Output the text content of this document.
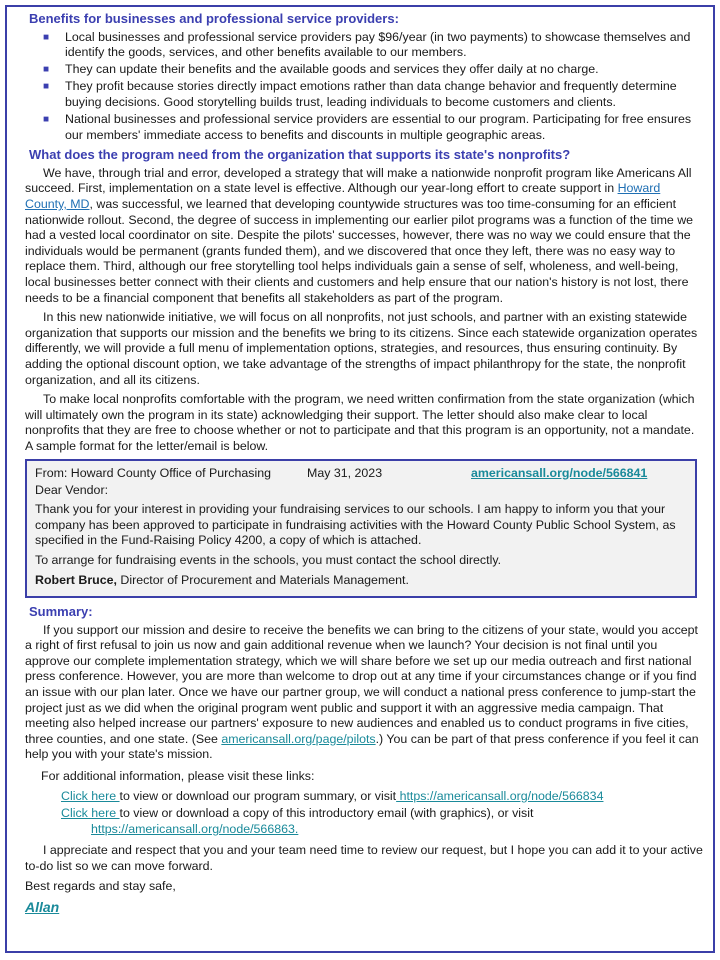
Benefits for businesses and professional service providers:
■ Local businesses and professional service providers pay $96/year (in two payments) to showcase themselves and identify the goods, services, and other benefits available to our members.
■ They can update their benefits and the available goods and services they offer daily at no charge.
■ They profit because stories directly impact emotions rather than data change behavior and frequently determine buying decisions. Good storytelling builds trust, leading individuals to become customers and clients.
■ National businesses and professional service providers are essential to our program. Participating for free ensures our members' immediate access to benefits and discounts in multiple geographic areas.
What does the program need from the organization that supports its state's nonprofits?

We have, through trial and error, developed a strategy that will make a nationwide nonprofit program like Americans All succeed. First, implementation on a state level is effective. Although our year-long effort to create support in Howard County, MD, was successful, we learned that developing countywide structures was too time-consuming for an efficient nationwide rollout. Second, the degree of success in implementing our earlier pilot programs was a function of the time we had a vested local coordinator on site. Despite the pilots' successes, however, there was no way we could ensure that the individuals would be permanent (grants funded them), and we discovered that once they left, there was no easy way to replace them. Third, although our free storytelling tool helps individuals gain a sense of self, wholeness, and well-being, local businesses better connect with their clients and customers and help ensure that our nation's history is not lost, there needs to be a financial component that benefits all stakeholders as part of the program.

In this new nationwide initiative, we will focus on all nonprofits, not just schools, and partner with an existing statewide organization that supports our mission and the benefits we bring to its citizens. Since each statewide organization operates differently, we will provide a full menu of implementation options, strategies, and resources, thus ensuring continuity. By adding the optional discount option, we take advantage of the strengths of impact philanthropy for the state, the nonprofit organization, and all its citizens.

To make local nonprofits comfortable with the program, we need written confirmation from the state organization (which will ultimately own the program in its state) acknowledging their support. The letter should also make clear to local nonprofits that they are free to choose whether or not to participate and that this program is an opportunity, not a mandate. A sample format for the letter/email is below.

From: Howard County Office of Purchasing	May 31, 2023	americansall.org/node/566841

Dear Vendor:

Thank you for your interest in providing your fundraising services to our schools. I am happy to inform you that your company has been approved to participate in fundraising activities with the Howard County Public School System, as specified in the Fund-Raising Policy 4200, a copy of which is attached.

To arrange for fundraising events in the schools, you must contact the school directly.

Robert Bruce, Director of Procurement and Materials Management.

Summary:

If you support our mission and desire to receive the benefits we can bring to the citizens of your state, would you accept a right of first refusal to join us now and gain additional revenue when we launch? Your decision is not final until you approve our complete implementation strategy, which we will share before we set up our media outreach and first national press conference. However, you are more than welcome to drop out at any time if your circumstances change or if you find an issue with our plan later. Once we have our partner group, we will conduct a national press conference to jump-start the project just as we did when the original program went public and support it with an aggressive media campaign. That meeting also helped increase our partners' exposure to new audiences and enabled us to conduct programs in five cities, three counties, and one state. (See americansall.org/page/pilots.) You can be part of that press conference if you feel it can help you with your state's mission.

For additional information, please visit these links:
Click here to view or download our program summary, or visit https://americansall.org/node/566834
Click here to view or download a copy of this introductory email (with graphics), or visit
https://americansall.org/node/566863.

I appreciate and respect that you and your team need time to review our request, but I hope you can add it to your active to-do list so we can move forward.

Best regards and stay safe,

Allan
